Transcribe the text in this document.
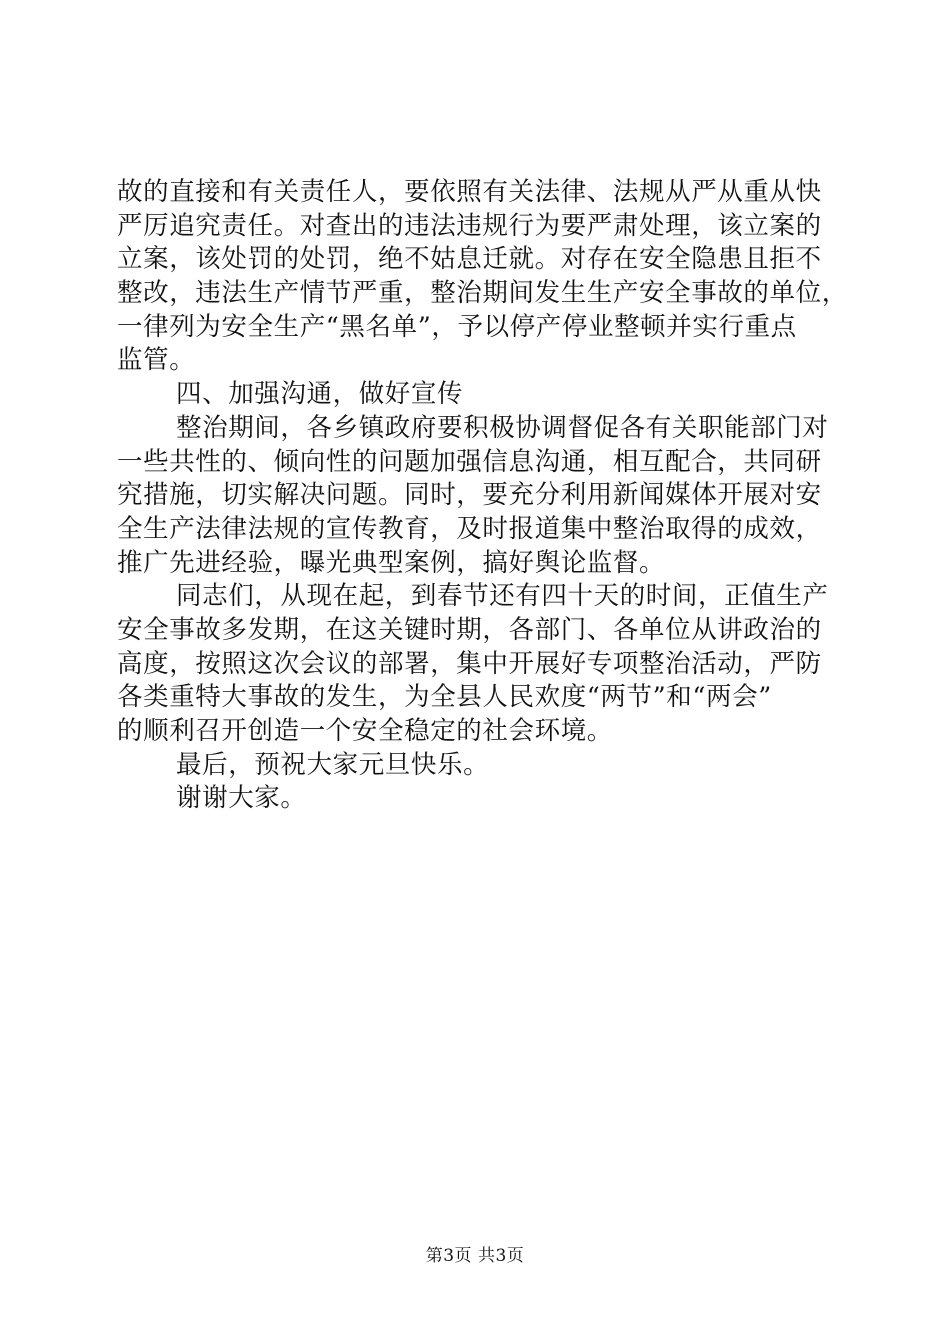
故的直接和有关责任人，要依照有关法律、法规从严从重从快
严厉追究责任。对查出的违法违规行为要严肃处理，该立案的
立案，该处罚的处罚，绝不姑息迁就。对存在安全隐患且拒不
整改，违法生产情节严重，整治期间发生生产安全事故的单位，
一律列为安全生产“黑名单”，予以停产停业整顿并实行重点
监管。
四、加强沟通，做好宣传
整治期间，各乡镇政府要积极协调督促各有关职能部门对
一些共性的、倾向性的问题加强信息沟通，相互配合，共同研
究措施，切实解决问题。同时，要充分利用新闻媒体开展对安
全生产法律法规的宣传教育，及时报道集中整治取得的成效，
推广先进经验，曝光典型案例，搞好舆论监督。
同志们，从现在起，到春节还有四十天的时间，正值生产
安全事故多发期，在这关键时期，各部门、各单位从讲政治的
高度，按照这次会议的部署，集中开展好专项整治活动，严防
各类重特大事故的发生，为全县人民欢度“两节”和“两会”
的顺利召开创造一个安全稳定的社会环境。
最后，预祝大家元旦快乐。
谢谢大家。
第3页 共3页
